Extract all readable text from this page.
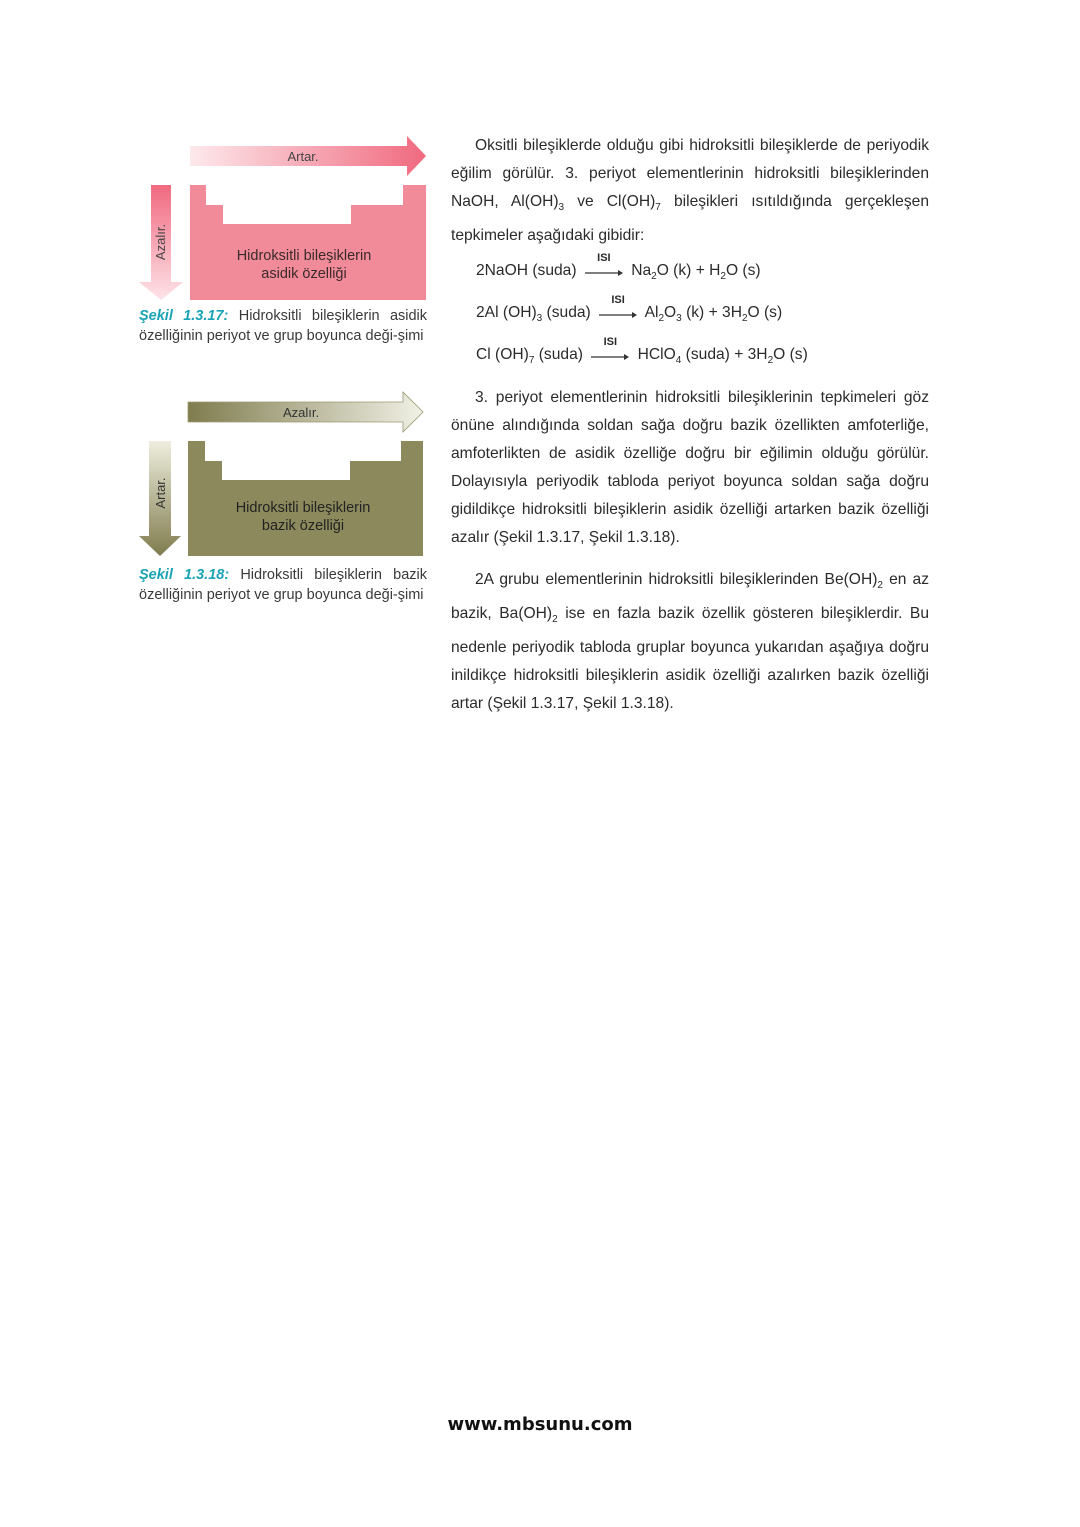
Artar.
Azalır.	Hidroksitli bileşiklerin
asidik özelliği
Şekil 1.3.17: Hidroksitli bileşiklerin asidik özelliğinin periyot ve grup boyunca deği-şimi
Azalır.
Artar.	Hidroksitli bileşiklerin
bazik özelliği
Şekil 1.3.18: Hidroksitli bileşiklerin bazik özelliğinin periyot ve grup boyunca deği-şimi

Oksitli bileşiklerde olduğu gibi hidroksitli bileşiklerde de periyodik eğilim görülür. 3. periyot elementlerinin hidroksitli bileşiklerinden NaOH, $Al(OH)_3$ ve $Cl(OH)_7$ bileşikleri ısıtıldığında gerçekleşen tepkimeler aşağıdaki gibidir:

2NaOH (suda)
ISI
$Na_2O$ $(k) + H_2O$ (s)
2Al $(OH)_3$ (suda)
ISI
$Al_2O_3$ $(k) + 3H_2O$ (s)
Cl $(OH)_7$ (suda)
ISI
HClO$_4$ (suda) + $3H_2O$ (s)

3. periyot elementlerinin hidroksitli bileşiklerinin tepkimeleri göz önüne alındığında soldan sağa doğru bazik özellikten amfoterliğe, amfoterlikten de asidik özelliğe doğru bir eğilimin olduğu görülür. Dolayısıyla periyodik tabloda periyot boyunca soldan sağa doğru gidildikçe hidroksitli bileşiklerin asidik özelliği artarken bazik özelliği azalır (Şekil 1.3.17, Şekil 1.3.18).

2A grubu elementlerinin hidroksitli bileşiklerinden $Be(OH)_2$ en az bazik, $Ba(OH)_2$ ise en fazla bazik özellik gösteren bileşiklerdir. Bu nedenle periyodik tabloda gruplar boyunca yukarıdan aşağıya doğru inildikçe hidroksitli bileşiklerin asidik özelliği azalırken bazik özelliği artar (Şekil 1.3.17, Şekil 1.3.18).

www.mbsunu.com
